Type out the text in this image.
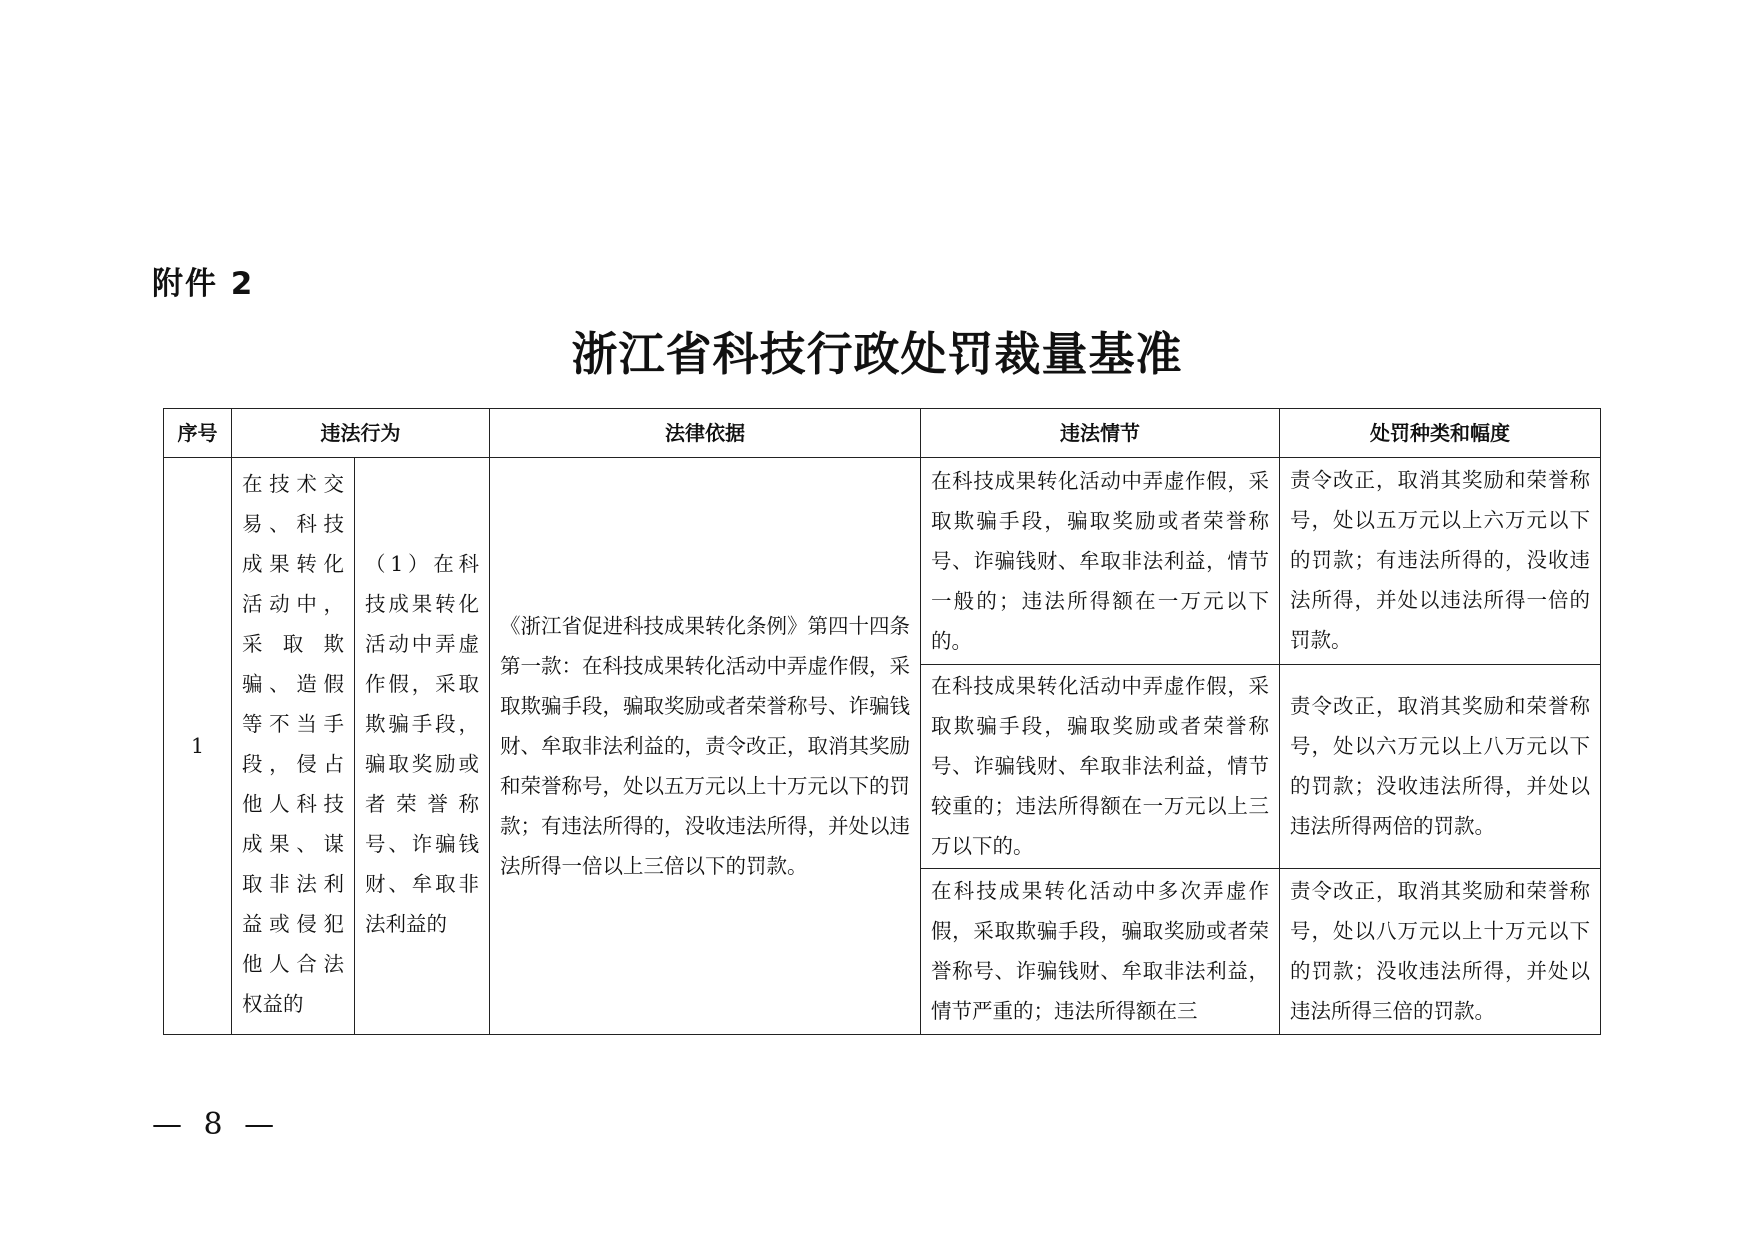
附件 2
浙江省科技行政处罚裁量基准
序号	违法行为		法律依据	违法情节	处罚种类和幅度
1	在技术交易、科技成果转化活动中，采取欺骗、造假等不当手段，侵占他人科技成果、谋取非法利益或侵犯他人合法权益的	（1）在科技成果转化活动中弄虚作假，采取欺骗手段，骗取奖励或者荣誉称号、诈骗钱财、牟取非法利益的	《浙江省促进科技成果转化条例》第四十四条第一款：在科技成果转化活动中弄虚作假，采取欺骗手段，骗取奖励或者荣誉称号、诈骗钱财、牟取非法利益的，责令改正，取消其奖励和荣誉称号，处以五万元以上十万元以下的罚款；有违法所得的，没收违法所得，并处以违法所得一倍以上三倍以下的罚款。	在科技成果转化活动中弄虚作假，采取欺骗手段，骗取奖励或者荣誉称号、诈骗钱财、牟取非法利益，情节一般的；违法所得额在一万元以下的。	责令改正，取消其奖励和荣誉称号，处以五万元以上六万元以下的罚款；有违法所得的，没收违法所得，并处以违法所得一倍的罚款。
				在科技成果转化活动中弄虚作假，采取欺骗手段，骗取奖励或者荣誉称号、诈骗钱财、牟取非法利益，情节较重的；违法所得额在一万元以上三万以下的。	责令改正，取消其奖励和荣誉称号，处以六万元以上八万元以下的罚款；没收违法所得，并处以违法所得两倍的罚款。
				在科技成果转化活动中多次弄虚作假，采取欺骗手段，骗取奖励或者荣誉称号、诈骗钱财、牟取非法利益，情节严重的；违法所得额在三	责令改正，取消其奖励和荣誉称号，处以八万元以上十万元以下的罚款；没收违法所得，并处以违法所得三倍的罚款。
— 8 —
